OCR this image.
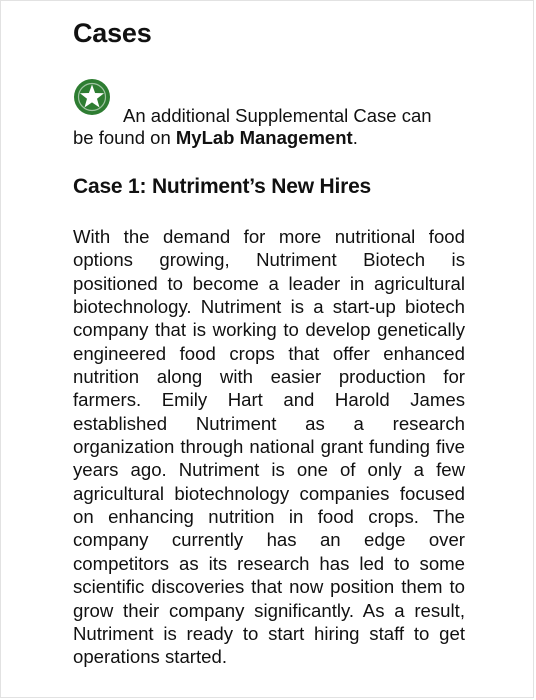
Cases
An additional Supplemental Case can
be found on MyLab Management.
Case 1: Nutriment’s New Hires

With the demand for more nutritional food options growing, Nutriment Biotech is positioned to become a leader in agricultural biotechnology. Nutriment is a start-up biotech company that is working to develop genetically engineered food crops that offer enhanced nutrition along with easier production for farmers. Emily Hart and Harold James established Nutriment as a research organization through national grant funding five years ago. Nutriment is one of only a few agricultural biotechnology companies focused on enhancing nutrition in food crops. The company currently has an edge over competitors as its research has led to some scientific discoveries that now position them to grow their company significantly. As a result, Nutriment is ready to start hiring staff to get operations started.
